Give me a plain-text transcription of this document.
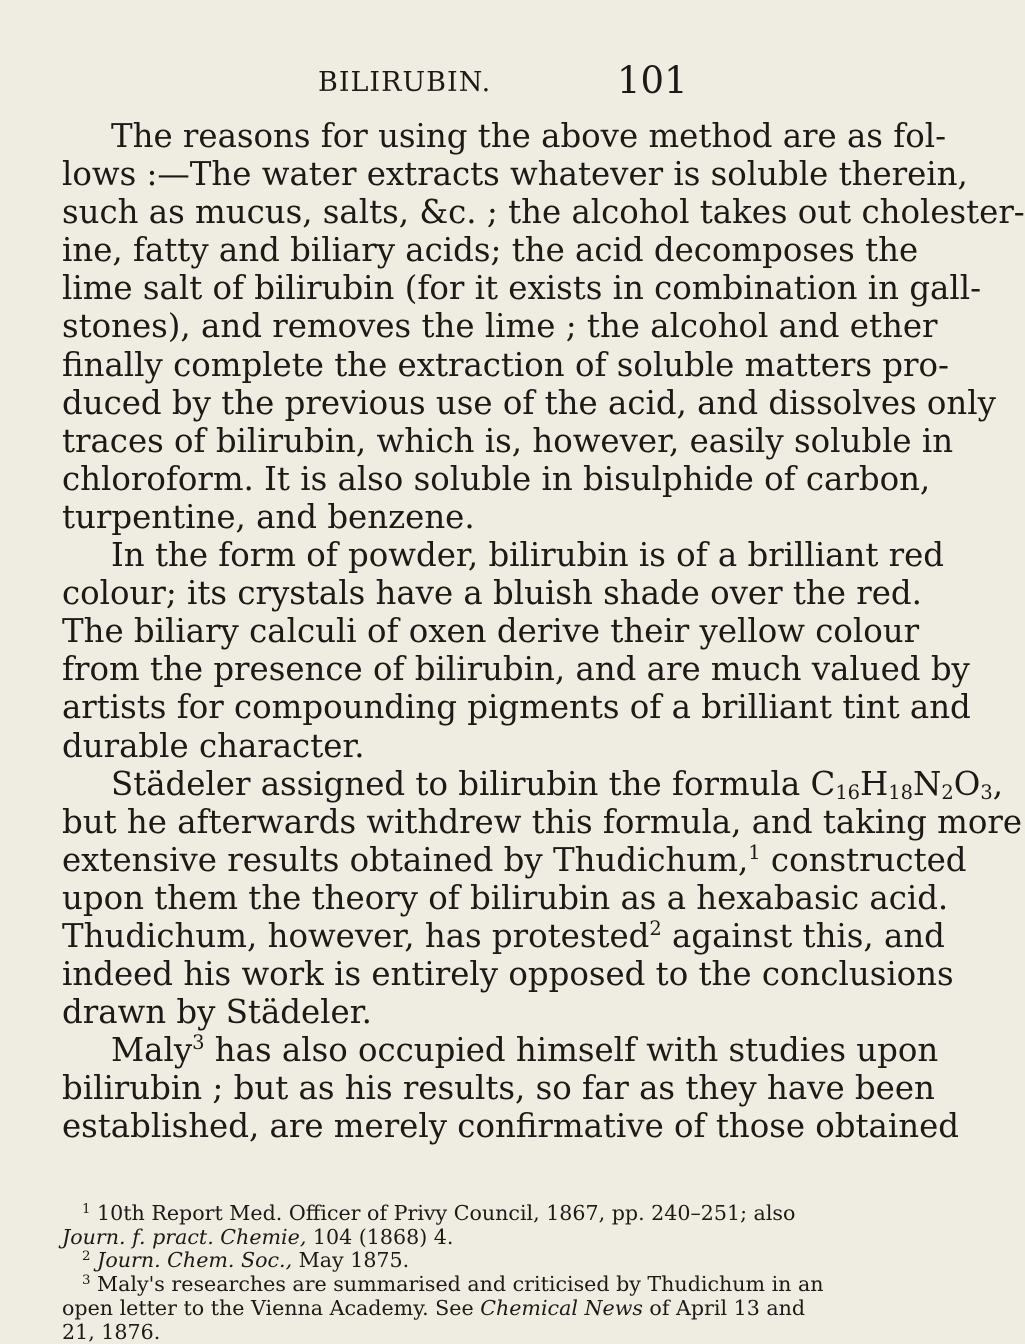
BILIRUBIN.	101
The reasons for using the above method are as fol-
lows :—The water extracts whatever is soluble therein,
such as mucus, salts, &c. ; the alcohol takes out cholester-
ine, fatty and biliary acids; the acid decomposes the
lime salt of bilirubin (for it exists in combination in gall-
stones), and removes the lime ; the alcohol and ether
finally complete the extraction of soluble matters pro-
duced by the previous use of the acid, and dissolves only
traces of bilirubin, which is, however, easily soluble in
chloroform. It is also soluble in bisulphide of carbon,
turpentine, and benzene.
In the form of powder, bilirubin is of a brilliant red
colour; its crystals have a bluish shade over the red.
The biliary calculi of oxen derive their yellow colour
from the presence of bilirubin, and are much valued by
artists for compounding pigments of a brilliant tint and
durable character.
Städeler assigned to bilirubin the formula $C_{16}H_{18}N_2O_3$,
but he afterwards withdrew this formula, and taking more
extensive results obtained by Thudichum,$^1$ constructed
upon them the theory of bilirubin as a hexabasic acid.
Thudichum, however, has protested$^2$ against this, and
indeed his work is entirely opposed to the conclusions
drawn by Städeler.
Maly$^3$ has also occupied himself with studies upon
bilirubin ; but as his results, so far as they have been
established, are merely confirmative of those obtained
$^1$ 10th Report Med. Officer of Privy Council, 1867, pp. 240–251; also
Journ. f. pract. Chemie, 104 (1868) 4.
$^2$ Journ. Chem. Soc., May 1875.
$^3$ Maly's researches are summarised and criticised by Thudichum in an
open letter to the Vienna Academy. See Chemical News of April 13 and
21, 1876.
